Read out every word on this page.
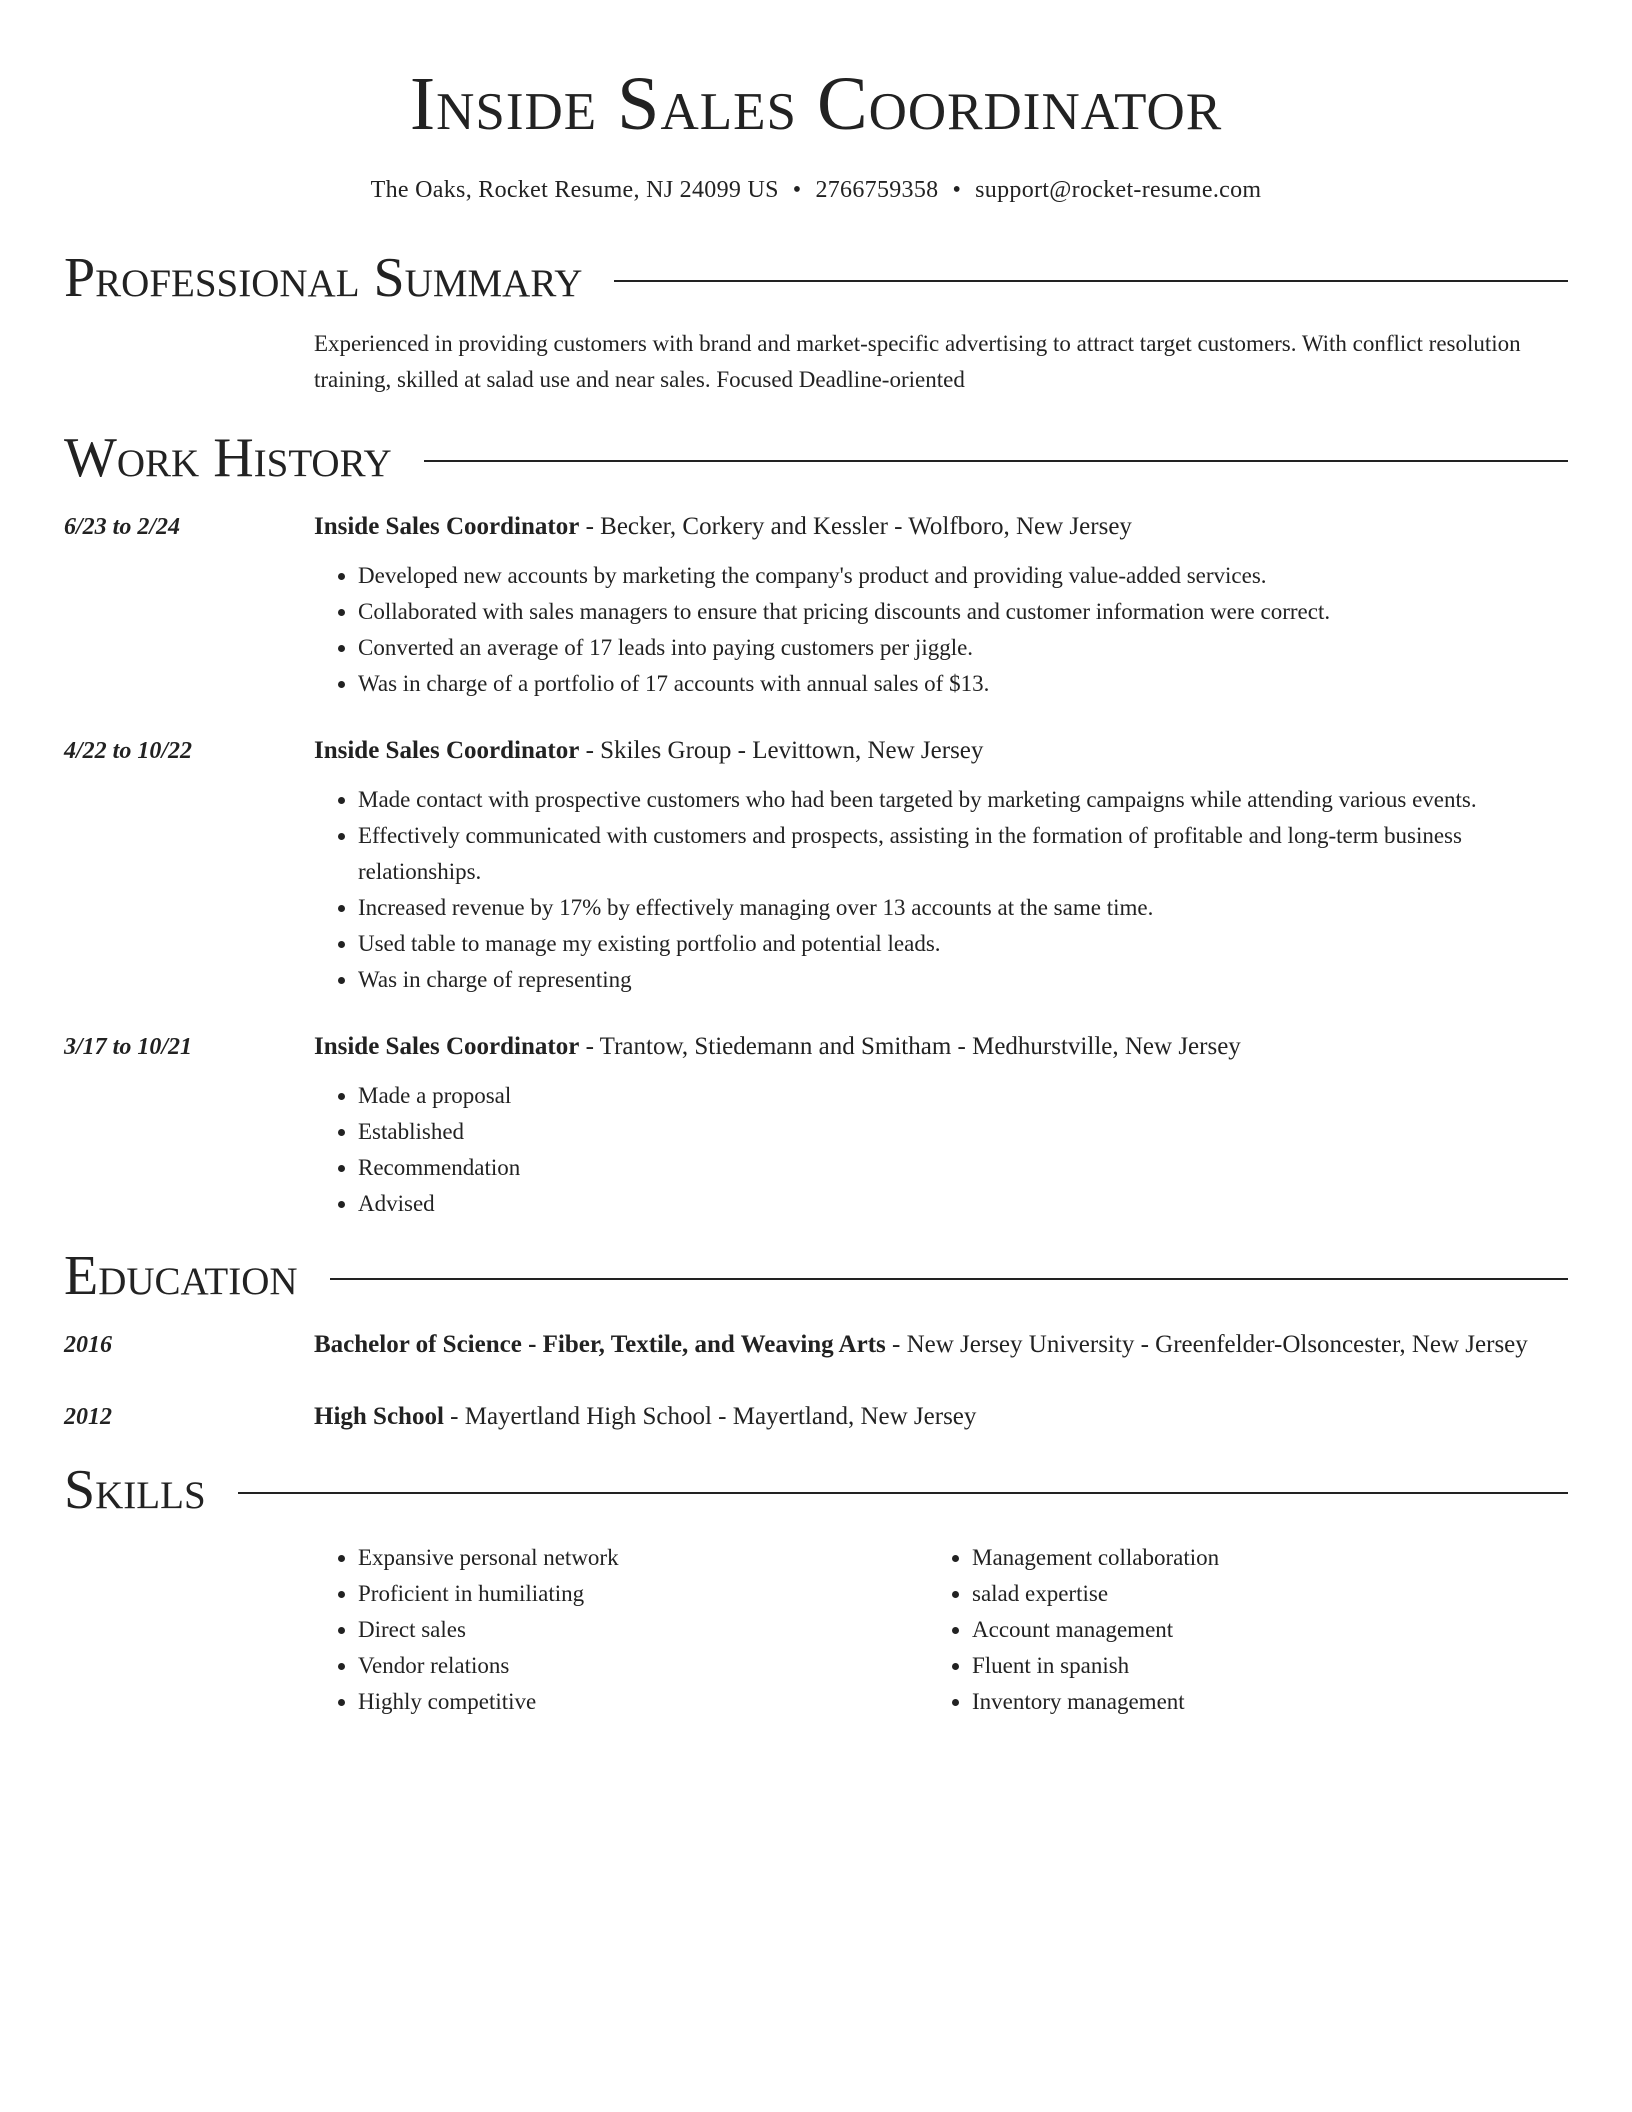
Inside Sales Coordinator
The Oaks, Rocket Resume, NJ 24099 US • 2766759358 • support@rocket-resume.com
Professional Summary
Experienced in providing customers with brand and market-specific advertising to attract target customers. With conflict resolution training, skilled at salad use and near sales. Focused Deadline-oriented
Work History
6/23 to 2/24	Inside Sales Coordinator - Becker, Corkery and Kessler - Wolfboro, New Jersey
• Developed new accounts by marketing the company's product and providing value-added services.
• Collaborated with sales managers to ensure that pricing discounts and customer information were correct.
• Converted an average of 17 leads into paying customers per jiggle.
• Was in charge of a portfolio of 17 accounts with annual sales of $13.
4/22 to 10/22	Inside Sales Coordinator - Skiles Group - Levittown, New Jersey
• Made contact with prospective customers who had been targeted by marketing campaigns while attending various events.
• Effectively communicated with customers and prospects, assisting in the formation of profitable and long-term business relationships.
• Increased revenue by 17% by effectively managing over 13 accounts at the same time.
• Used table to manage my existing portfolio and potential leads.
• Was in charge of representing
3/17 to 10/21	Inside Sales Coordinator - Trantow, Stiedemann and Smitham - Medhurstville, New Jersey
• Made a proposal
• Established
• Recommendation
• Advised
Education
2016	Bachelor of Science - Fiber, Textile, and Weaving Arts - New Jersey University - Greenfelder-Olsoncester, New Jersey
2012	High School - Mayertland High School - Mayertland, New Jersey
Skills
• Expansive personal network
• Proficient in humiliating
• Direct sales
• Vendor relations
• Highly competitive
• Management collaboration
• salad expertise
• Account management
• Fluent in spanish
• Inventory management
